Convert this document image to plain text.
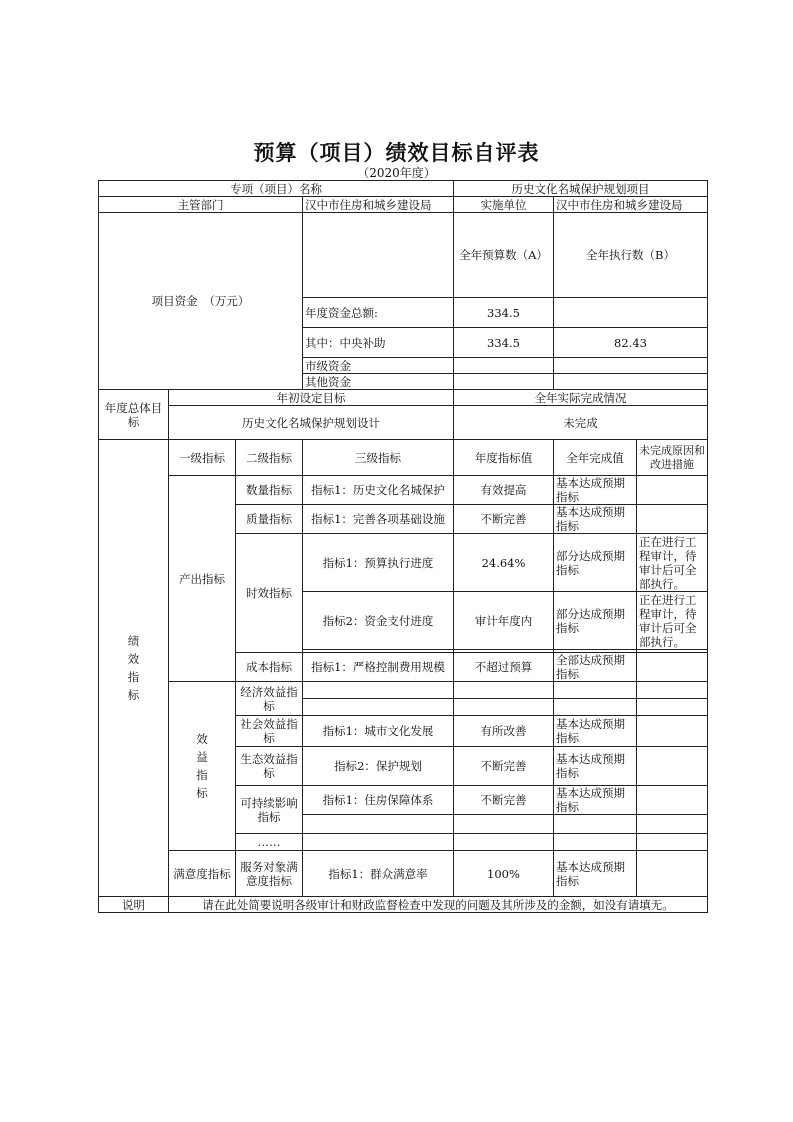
预算（项目）绩效目标自评表
（2020年度）
专项（项目）名称				历史文化名城保护规划项目			
主管部门			汉中市住房和城乡建设局	实施单位	汉中市住房和城乡建设局		
项目资金　（万元）				全年预算数（A）	全年执行数（B）	
			年度资金总额:	334.5			
			其中：中央补助	334.5	82.43	
			市级资金				
			其他资金				
年度总体目标	年初设定目标			全年实际完成情况			
	历史文化名城保护规划设计			未完成			
绩效指标	一级指标	二级指标	三级指标	年度指标值	全年完成值	未完成原因和改进措施	
	产出指标	数量指标	指标1：历史文化名城保护	有效提高	基本达成预期指标		
		质量指标	指标1：完善各项基础设施	不断完善	基本达成预期指标		
		时效指标	指标1：预算执行进度	24.64%	部分达成预期指标	正在进行工程审计，待审计后可全部执行。	
			指标2：资金支付进度	审计年度内	部分达成预期指标	正在进行工程审计，待审计后可全部执行。	

		成本指标	指标1：严格控制费用规模	不超过预算	全部达成预期指标		
	效益指标	经济效益指标					

		社会效益指标	指标1：城市文化发展	有所改善	基本达成预期指标		
		生态效益指标	指标2：保护规划	不断完善	基本达成预期指标		
		可持续影响指标	指标1：住房保障体系	不断完善	基本达成预期指标		

		……					
	满意度指标	服务对象满意度指标	指标1：群众满意率	100%	基本达成预期指标		
说明	请在此处简要说明各级审计和财政监督检查中发现的问题及其所涉及的金额，如没有请填无。						
